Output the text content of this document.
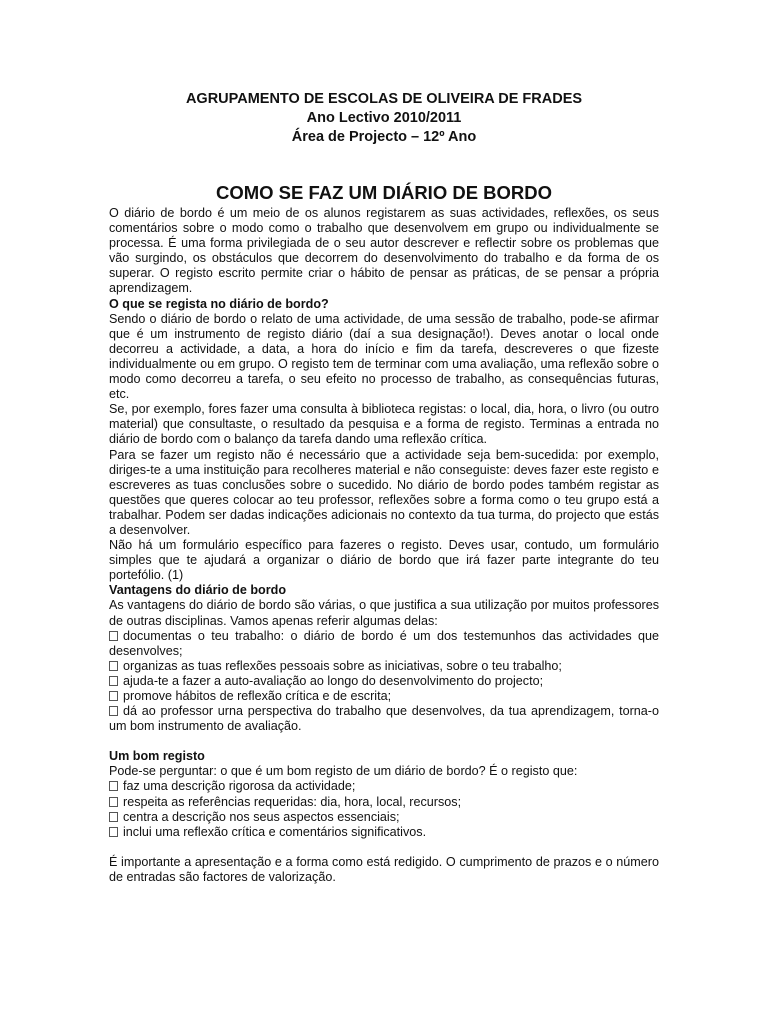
AGRUPAMENTO DE ESCOLAS DE OLIVEIRA DE FRADES
Ano Lectivo 2010/2011
Área de Projecto – 12º Ano
COMO SE FAZ UM DIÁRIO DE BORDO

O diário de bordo é um meio de os alunos registarem as suas actividades, reflexões, os seus comentários sobre o modo como o trabalho que desenvolvem em grupo ou individualmente se processa. É uma forma privilegiada de o seu autor descrever e reflectir sobre os problemas que vão surgindo, os obstáculos que decorrem do desenvolvimento do trabalho e da forma de os superar. O registo escrito permite criar o hábito de pensar as práticas, de se pensar a própria aprendizagem.

O que se regista no diário de bordo?

Sendo o diário de bordo o relato de uma actividade, de uma sessão de trabalho, pode-se afirmar que é um instrumento de registo diário (daí a sua designação!). Deves anotar o local onde decorreu a actividade, a data, a hora do início e fim da tarefa, descreveres o que fizeste individualmente ou em grupo. O registo tem de terminar com uma avaliação, uma reflexão sobre o modo como decorreu a tarefa, o seu efeito no processo de trabalho, as consequências futuras, etc.

Se, por exemplo, fores fazer uma consulta à biblioteca registas: o local, dia, hora, o livro (ou outro material) que consultaste, o resultado da pesquisa e a forma de registo. Terminas a entrada no diário de bordo com o balanço da tarefa dando uma reflexão crítica.

Para se fazer um registo não é necessário que a actividade seja bem-sucedida: por exemplo, diriges-te a uma instituição para recolheres material e não conseguiste: deves fazer este registo e escreveres as tuas conclusões sobre o sucedido. No diário de bordo podes também registar as questões que queres colocar ao teu professor, reflexões sobre a forma como o teu grupo está a trabalhar. Podem ser dadas indicações adicionais no contexto da tua turma, do projecto que estás a desenvolver.

Não há um formulário específico para fazeres o registo. Deves usar, contudo, um formulário simples que te ajudará a organizar o diário de bordo que irá fazer parte integrante do teu portefólio. (1)

Vantagens do diário de bordo

As vantagens do diário de bordo são várias, o que justifica a sua utilização por muitos professores de outras disciplinas. Vamos apenas referir algumas delas:

documentas o teu trabalho: o diário de bordo é um dos testemunhos das actividades que desenvolves;
organizas as tuas reflexões pessoais sobre as iniciativas, sobre o teu trabalho;
ajuda-te a fazer a auto-avaliação ao longo do desenvolvimento do projecto;
promove hábitos de reflexão crítica e de escrita;
dá ao professor urna perspectiva do trabalho que desenvolves, da tua aprendizagem, torna-o um bom instrumento de avaliação.
Um bom registo

Pode-se perguntar: o que é um bom registo de um diário de bordo? É o registo que:

faz uma descrição rigorosa da actividade;
respeita as referências requeridas: dia, hora, local, recursos;
centra a descrição nos seus aspectos essenciais;
inclui uma reflexão crítica e comentários significativos.

É importante a apresentação e a forma como está redigido. O cumprimento de prazos e o número de entradas são factores de valorização.
